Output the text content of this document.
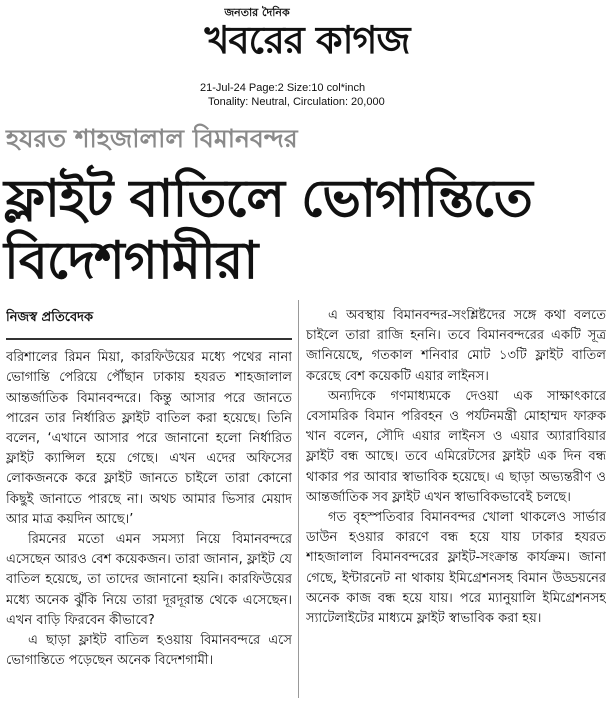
জনতার দৈনিক
খবরের কাগজ
21-Jul-24 Page:2 Size:10 col*inch
Tonality: Neutral, Circulation: 20,000
হযরত শাহজালাল বিমানবন্দর
ফ্লাইট বাতিলে ভোগান্তিতে
বিদেশগামীরা
নিজস্ব প্রতিবেদক

বরিশালের রিমন মিয়া, কারফিউয়ের মধ্যে পথের নানা ভোগান্তি পেরিয়ে পৌঁছান ঢাকায় হযরত শাহজালাল আন্তর্জাতিক বিমানবন্দরে। কিন্তু আসার পরে জানতে পারেন তার নির্ধারিত ফ্লাইট বাতিল করা হয়েছে। তিনি বলেন, ‘এখানে আসার পরে জানানো হলো নির্ধারিত ফ্লাইট ক্যান্সিল হয়ে গেছে। এখন এদের অফিসের লোকজনকে করে ফ্লাইট জানতে চাইলে তারা কোনো কিছুই জানাতে পারছে না। অথচ আমার ভিসার মেয়াদ আর মাত্র কয়দিন আছে।’

রিমনের মতো এমন সমস্যা নিয়ে বিমানবন্দরে এসেছেন আরও বেশ কয়েকজন। তারা জানান, ফ্লাইট যে বাতিল হয়েছে, তা তাদের জানানো হয়নি। কারফিউয়ের মধ্যে অনেক ঝুঁকি নিয়ে তারা দূরদূরান্ত থেকে এসেছেন। এখন বাড়ি ফিরবেন কীভাবে?

এ ছাড়া ফ্লাইট বাতিল হওয়ায় বিমানবন্দরে এসে ভোগান্তিতে পড়েছেন অনেক বিদেশগামী।

এ অবস্থায় বিমানবন্দর-সংশ্লিষ্টদের সঙ্গে কথা বলতে চাইলে তারা রাজি হননি। তবে বিমানবন্দরের একটি সূত্র জানিয়েছে, গতকাল শনিবার মোট ১৩টি ফ্লাইট বাতিল করেছে বেশ কয়েকটি এয়ার লাইনস।

অন্যদিকে গণমাধ্যমকে দেওয়া এক সাক্ষাৎকারে বেসামরিক বিমান পরিবহন ও পর্যটনমন্ত্রী মোহাম্মদ ফারুক খান বলেন, সৌদি এয়ার লাইনস ও এয়ার অ্যারাবিয়ার ফ্লাইট বন্ধ আছে। তবে এমিরেটসের ফ্লাইট এক দিন বন্ধ থাকার পর আবার স্বাভাবিক হয়েছে। এ ছাড়া অভ্যন্তরীণ ও আন্তর্জাতিক সব ফ্লাইট এখন স্বাভাবিকভাবেই চলছে।

গত বৃহস্পতিবার বিমানবন্দর খোলা থাকলেও সার্ভার ডাউন হওয়ার কারণে বন্ধ হয়ে যায় ঢাকার হযরত শাহজালাল বিমানবন্দরের ফ্লাইট-সংক্রান্ত কার্যক্রম। জানা গেছে, ইন্টারনেট না থাকায় ইমিগ্রেশনসহ বিমান উড্ডয়নের অনেক কাজ বন্ধ হয়ে যায়। পরে ম্যানুয়ালি ইমিগ্রেশনসহ স্যাটেলাইটের মাধ্যমে ফ্লাইট স্বাভাবিক করা হয়।
